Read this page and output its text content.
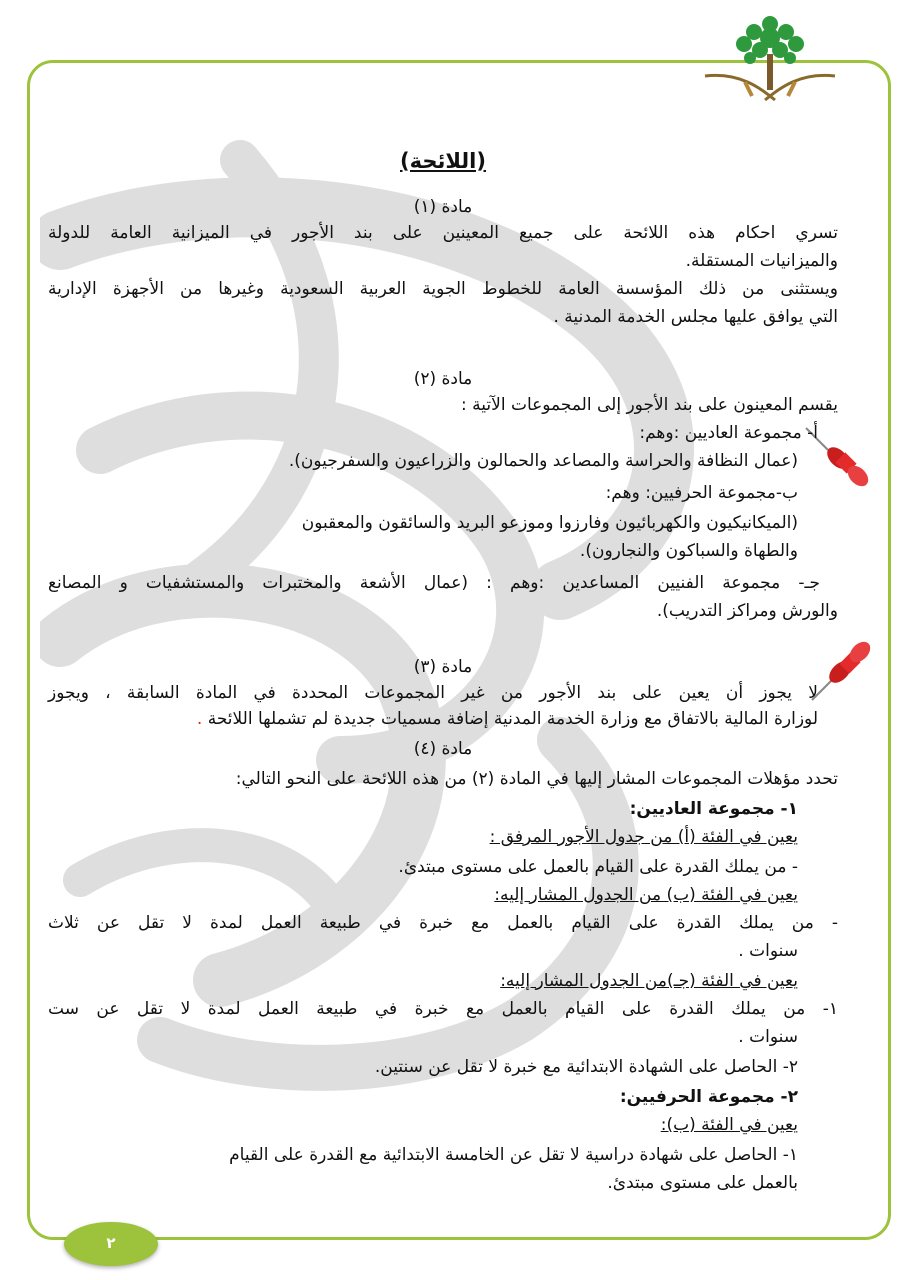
(اللائحة)
مادة (١)
تسري احكام هذه اللائحة على جميع المعينين على بند الأجور في الميزانية العامة للدولة
والميزانيات المستقلة.
ويستثنى من ذلك المؤسسة العامة للخطوط الجوية العربية السعودية وغيرها من الأجهزة الإدارية
التي يوافق عليها مجلس الخدمة المدنية .
مادة (٢)
يقسم المعينون على بند الأجور إلى المجموعات الآتية :
أ- مجموعة العاديين :وهم:
(عمال النظافة والحراسة والمصاعد والحمالون والزراعيون والسفرجيون).
ب-مجموعة الحرفيين: وهم:
(الميكانيكيون والكهربائيون وفارزوا وموزعو البريد والسائقون والمعقبون
والطهاة والسباكون والنجارون).
جـ- مجموعة الفنيين المساعدين :وهم : (عمال الأشعة والمختبرات والمستشفيات و المصانع
والورش ومراكز التدريب).
مادة (٣)
لا يجوز أن يعين على بند الأجور من غير المجموعات المحددة في المادة السابقة ، ويجوز
لوزارة المالية بالاتفاق مع وزارة الخدمة المدنية إضافة مسميات جديدة لم تشملها اللائحة .
مادة (٤)
تحدد مؤهلات المجموعات المشار إليها في المادة (٢) من هذه اللائحة على النحو التالي:
١- مجموعة العاديين:
يعين في الفئة (أ) من جدول الأجور المرفق :
- من يملك القدرة على القيام بالعمل على مستوى مبتدئ.
يعين في الفئة (ب) من الجدول المشار إليه:
- من يملك القدرة على القيام بالعمل مع خبرة في طبيعة العمل لمدة لا تقل عن ثلاث
سنوات .
يعين في الفئة (جـ)من الجدول المشار إليه:
١- من يملك القدرة على القيام بالعمل مع خبرة في طبيعة العمل لمدة لا تقل عن ست
سنوات .
٢- الحاصل على الشهادة الابتدائية مع خبرة لا تقل عن سنتين.
٢- مجموعة الحرفيين:
يعين في الفئة (ب):
١- الحاصل على شهادة دراسية لا تقل عن الخامسة الابتدائية مع القدرة على القيام
بالعمل على مستوى مبتدئ.
٢
